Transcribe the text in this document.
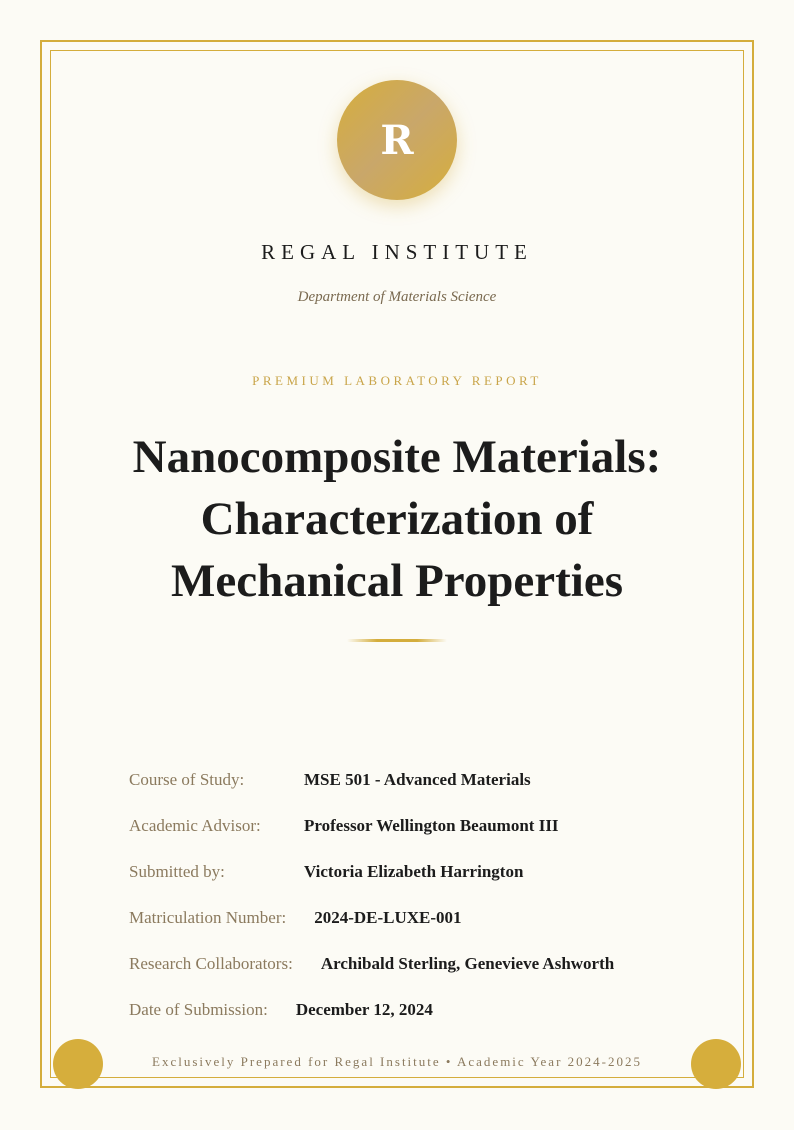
R
REGAL INSTITUTE
Department of Materials Science
PREMIUM LABORATORY REPORT
Nanocomposite Materials:
Characterization of
Mechanical Properties
Course of Study:	MSE 501 - Advanced Materials
Academic Advisor:	Professor Wellington Beaumont III
Submitted by:	Victoria Elizabeth Harrington
Matriculation Number: 2024-DE-LUXE-001
Research Collaborators: Archibald Sterling, Genevieve Ashworth
Date of Submission: December 12, 2024
Exclusively Prepared for Regal Institute • Academic Year 2024-2025
